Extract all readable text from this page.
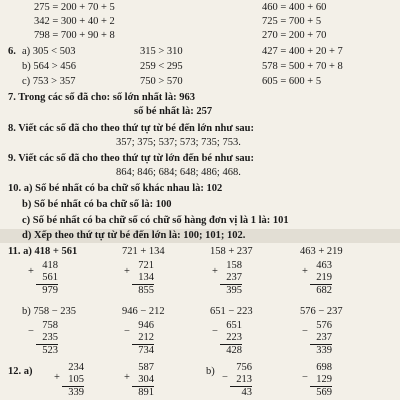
275 = 200 + 70 + 5	460 = 400 + 60
342 = 300 + 40 + 2	725 = 700 + 5
798 = 700 + 90 + 8	270 = 200 + 70
6. a) 305 < 503	315 > 310	427 = 400 + 20 + 7
b) 564 > 456	259 < 295	578 = 500 + 70 + 8
c) 753 > 357	750 > 570	605 = 600 + 5
7. Trong các số đã cho: số lớn nhất là: 963
số bé nhất là: 257
8. Viết các số đã cho theo thứ tự từ bé đến lớn như sau:
357; 375; 537; 573; 735; 753.
9. Viết các số đã cho theo thứ tự từ lớn đến bé như sau:
864; 846; 684; 648; 486; 468.
10. a) Số bé nhất có ba chữ số khác nhau là: 102
b) Số bé nhất có ba chữ số là: 100
c) Số bé nhất có ba chữ số có chữ số hàng đơn vị là 1 là: 101
d) Xếp theo thứ tự từ bé đến lớn là: 100; 101; 102.
11. a) 418 + 561	721 + 134	158 + 237	463 + 219
+
418
561
979
+
721
134
855
+
158
237
395
+
463
219
682
b) 758 − 235	946 − 212	651 − 223	576 − 237
−
758
235
523
−
946
212
734
−
651
223
428
−
576
237
339
12. a)	b)
+
234
105
339
+
587
304
891
−
756
213
43
−
698
129
569
